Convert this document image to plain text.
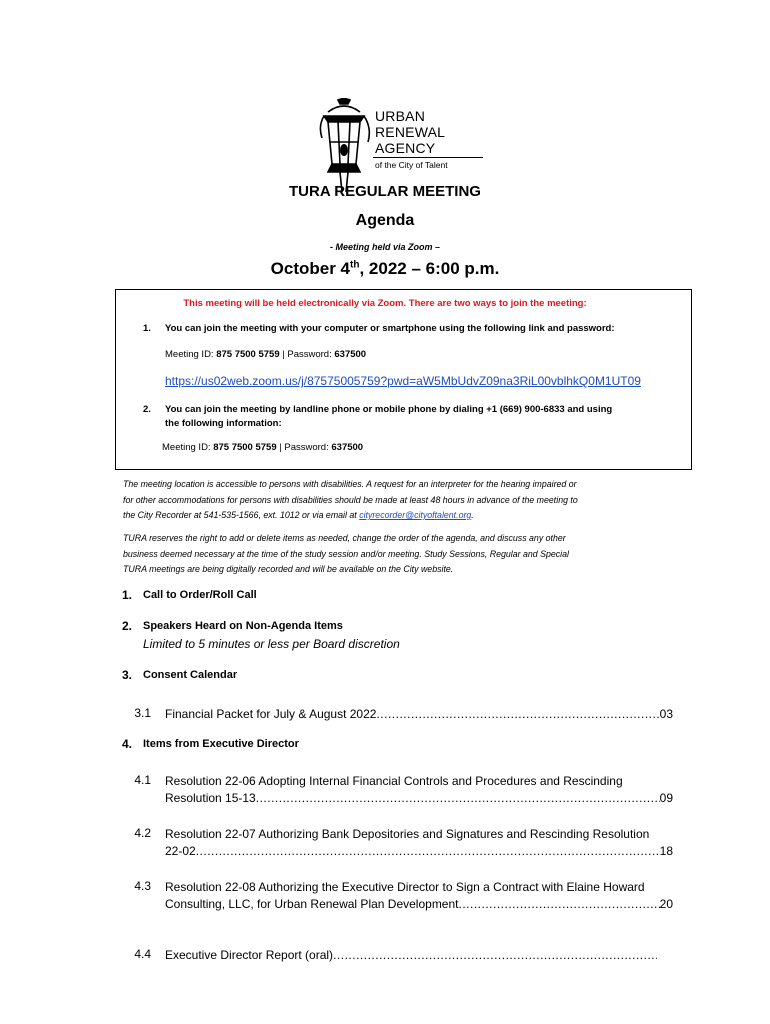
URBAN
RENEWAL
AGENCY
of the City of Talent
TURA REGULAR MEETING
Agenda
- Meeting held via Zoom –
October 4th, 2022 – 6:00 p.m.
This meeting will be held electronically via Zoom. There are two ways to join the meeting:
1. You can join the meeting with your computer or smartphone using the following link and password:
Meeting ID: 875 7500 5759 | Password: 637500
https://us02web.zoom.us/j/87575005759?pwd=aW5MbUdvZ09na3RiL00vblhkQ0M1UT09
2. You can join the meeting by landline phone or mobile phone by dialing +1 (669) 900-6833 and using
the following information:
Meeting ID: 875 7500 5759 | Password: 637500
The meeting location is accessible to persons with disabilities. A request for an interpreter for the hearing impaired or
for other accommodations for persons with disabilities should be made at least 48 hours in advance of the meeting to
the City Recorder at 541-535-1566, ext. 1012 or via email at cityrecorder@cityoftalent.org.
TURA reserves the right to add or delete items as needed, change the order of the agenda, and discuss any other
business deemed necessary at the time of the study session and/or meeting. Study Sessions, Regular and Special
TURA meetings are being digitally recorded and will be available on the City website.
1. Call to Order/Roll Call
2. Speakers Heard on Non-Agenda Items
Limited to 5 minutes or less per Board discretion
3. Consent Calendar
3.1 Financial Packet for July & August 2022 .....	03
4. Items from Executive Director
4.1 Resolution 22-06 Adopting Internal Financial Controls and Procedures and Rescinding
Resolution 15-13 .....	09
4.2 Resolution 22-07 Authorizing Bank Depositories and Signatures and Rescinding Resolution
22-02 .....	18
4.3 Resolution 22-08 Authorizing the Executive Director to Sign a Contract with Elaine Howard
Consulting, LLC, for Urban Renewal Plan Development .....	20
4.4 Executive Director Report (oral)
.....
